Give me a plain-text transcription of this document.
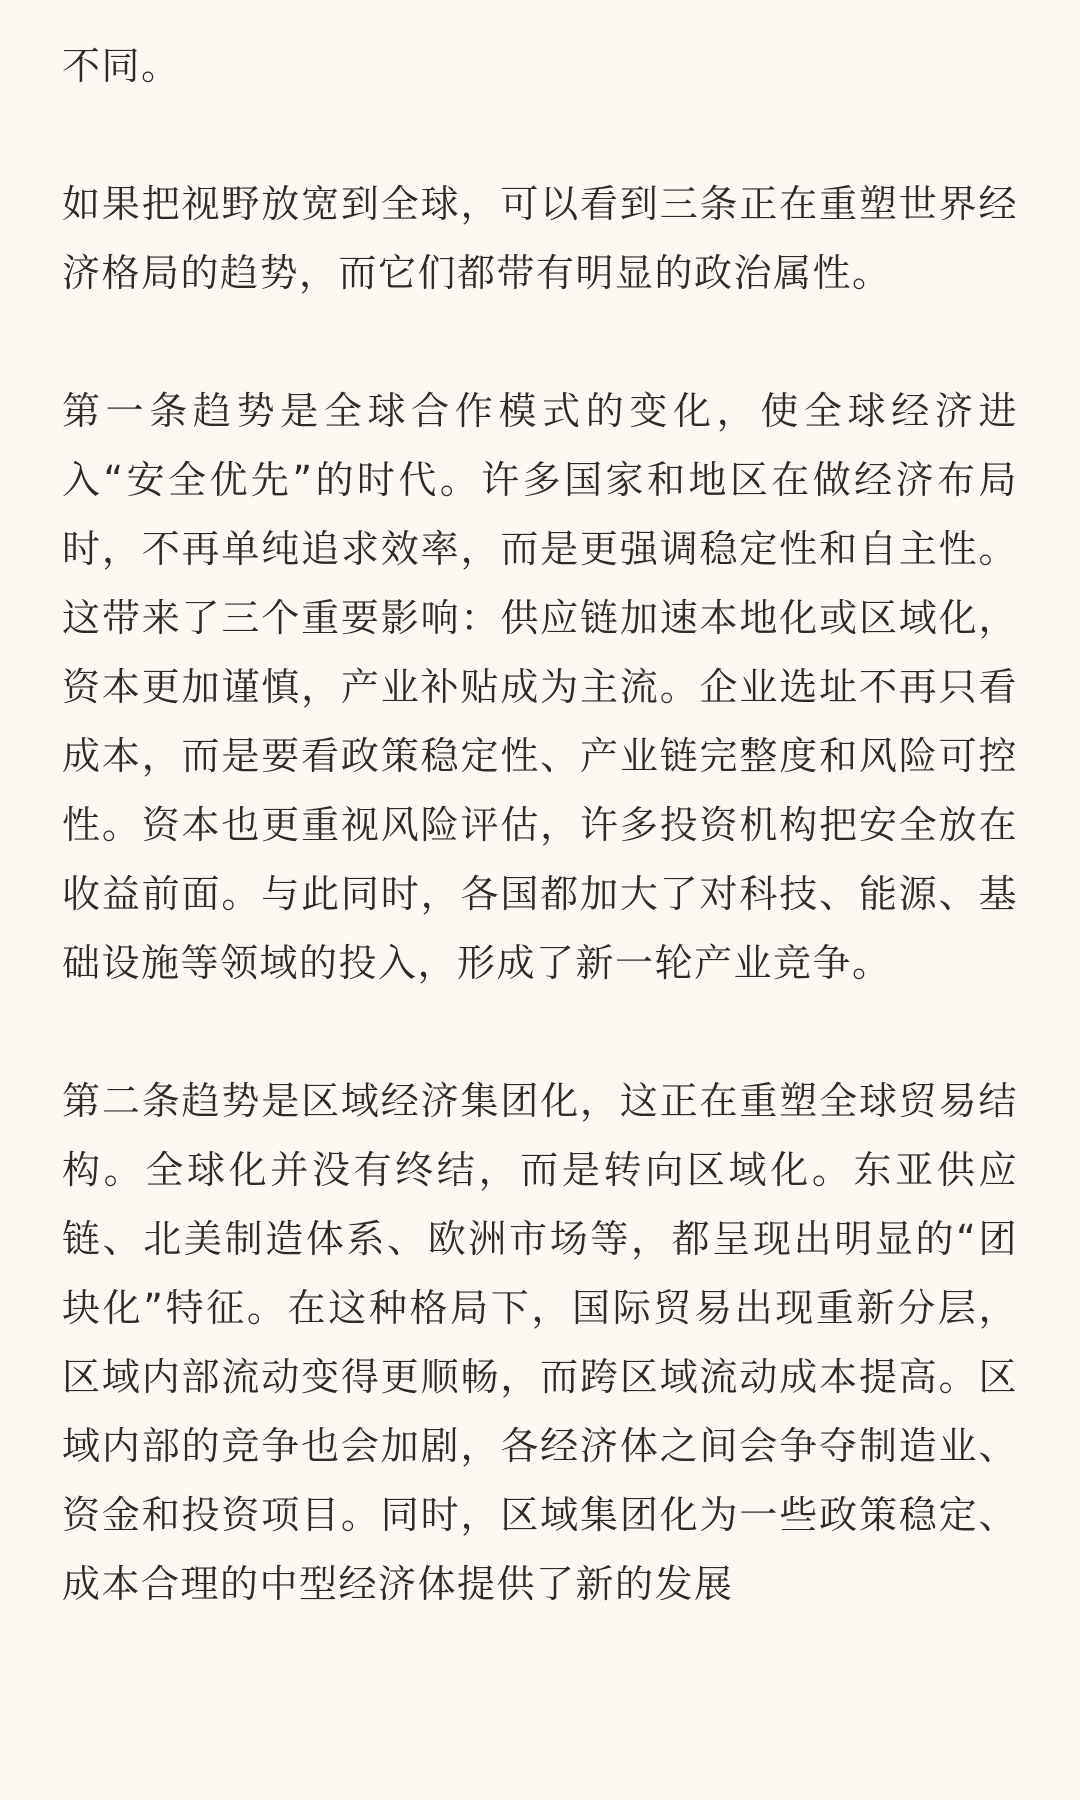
不同。

如果把视野放宽到全球，可以看到三条正在重塑世界经济格局的趋势，而它们都带有明显的政治属性。

第一条趋势是全球合作模式的变化，使全球经济进入“安全优先”的时代。许多国家和地区在做经济布局时，不再单纯追求效率，而是更强调稳定性和自主性。这带来了三个重要影响：供应链加速本地化或区域化，资本更加谨慎，产业补贴成为主流。企业选址不再只看成本，而是要看政策稳定性、产业链完整度和风险可控性。资本也更重视风险评估，许多投资机构把安全放在收益前面。与此同时，各国都加大了对科技、能源、基础设施等领域的投入，形成了新一轮产业竞争。

第二条趋势是区域经济集团化，这正在重塑全球贸易结构。全球化并没有终结，而是转向区域化。东亚供应链、北美制造体系、欧洲市场等，都呈现出明显的“团块化”特征。在这种格局下，国际贸易出现重新分层，区域内部流动变得更顺畅，而跨区域流动成本提高。区域内部的竞争也会加剧，各经济体之间会争夺制造业、资金和投资项目。同时，区域集团化为一些政策稳定、成本合理的中型经济体提供了新的发展
